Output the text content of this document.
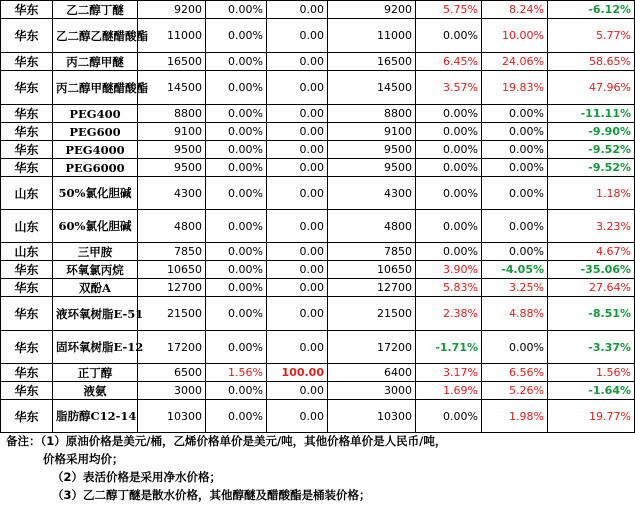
华东	乙二醇丁醚	9200	0.00%	0.00	9200	5.75%	8.24%	-6.12%
华东	乙二醇乙醚醋酸酯	11000	0.00%	0.00	11000	0.00%	10.00%	5.77%
华东	丙二醇甲醚	16500	0.00%	0.00	16500	6.45%	24.06%	58.65%
华东	丙二醇甲醚醋酸酯	14500	0.00%	0.00	14500	3.57%	19.83%	47.96%
华东	PEG400	8800	0.00%	0.00	8800	0.00%	0.00%	-11.11%
华东	PEG600	9100	0.00%	0.00	9100	0.00%	0.00%	-9.90%
华东	PEG4000	9500	0.00%	0.00	9500	0.00%	0.00%	-9.52%
华东	PEG6000	9500	0.00%	0.00	9500	0.00%	0.00%	-9.52%
山东	50%氯化胆碱	4300	0.00%	0.00	4300	0.00%	0.00%	1.18%
山东	60%氯化胆碱	4800	0.00%	0.00	4800	0.00%	0.00%	3.23%
山东	三甲胺	7850	0.00%	0.00	7850	0.00%	0.00%	4.67%
华东	环氧氯丙烷	10650	0.00%	0.00	10650	3.90%	-4.05%	-35.06%
华东	双酚A	12700	0.00%	0.00	12700	5.83%	3.25%	27.64%
华东	液环氧树脂E-51	21500	0.00%	0.00	21500	2.38%	4.88%	-8.51%
华东	固环氧树脂E-12	17200	0.00%	0.00	17200	-1.71%	0.00%	-3.37%
华东	正丁醇	6500	1.56%	100.00	6400	3.17%	6.56%	1.56%
华东	液氨	3000	0.00%	0.00	3000	1.69%	5.26%	-1.64%
华东	脂肪醇C12-14	10300	0.00%	0.00	10300	0.00%	1.98%	19.77%
备注：（1）原油价格是美元/桶，乙烯价格单价是美元/吨，其他价格单价是人民币/吨，
价格采用均价；
（2）表活价格是采用净水价格；
（3）乙二醇丁醚是散水价格，其他醇醚及醋酸酯是桶装价格；
